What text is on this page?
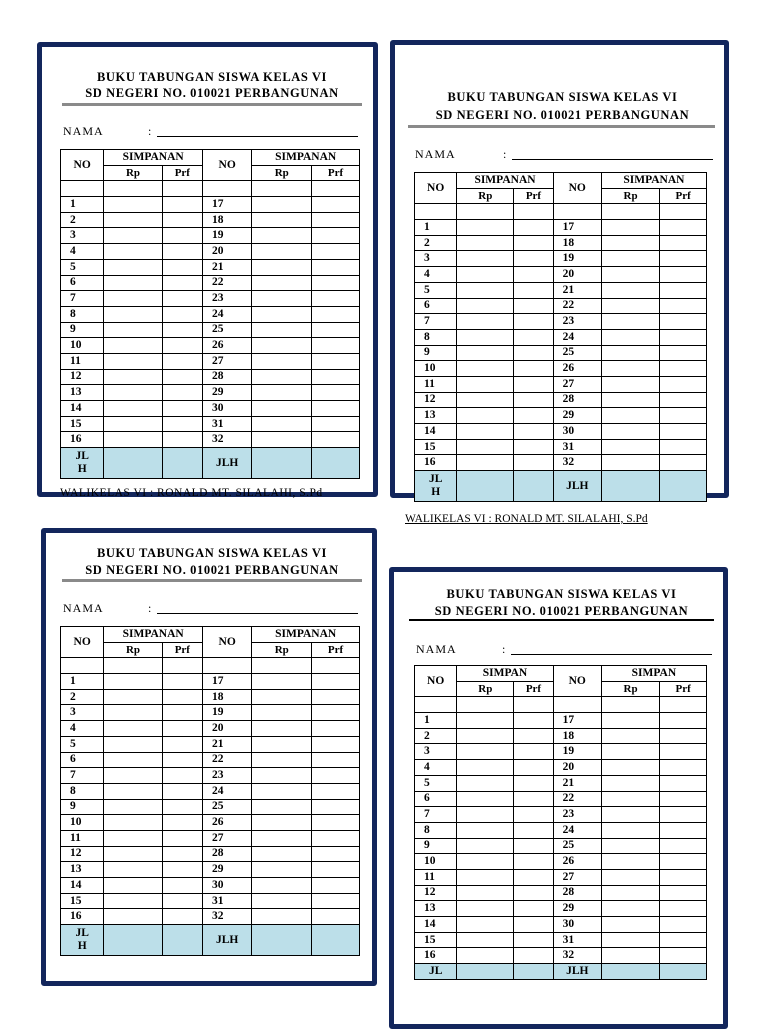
BUKU TABUNGAN SISWA KELAS VI
SD NEGERI NO. 010021 PERBANGUNAN
NAMA	:
NO	SIMPANAN		NO	SIMPANAN	
	Rp	Prf		Rp	Prf

1			17		
2			18		
3			19		
4			20		
5			21		
6			22		
7			23		
8			24		
9			25		
10			26		
11			27		
12			28		
13			29		
14			30		
15			31		
16			32		
JL H			JLH		
WALIKELAS VI : RONALD MT. SILALAHI, S.Pd
BUKU TABUNGAN SISWA KELAS VI
SD NEGERI NO. 010021 PERBANGUNAN
NAMA	:
NO	SIMPANAN		NO	SIMPANAN	
	Rp	Prf		Rp	Prf

1			17		
2			18		
3			19		
4			20		
5			21		
6			22		
7			23		
8			24		
9			25		
10			26		
11			27		
12			28		
13			29		
14			30		
15			31		
16			32		
JL H			JLH		
BUKU TABUNGAN SISWA KELAS VI
SD NEGERI NO. 010021 PERBANGUNAN
NAMA	:
NO	SIMPANAN		NO	SIMPANAN	
	Rp	Prf		Rp	Prf

1			17		
2			18		
3			19		
4			20		
5			21		
6			22		
7			23		
8			24		
9			25		
10			26		
11			27		
12			28		
13			29		
14			30		
15			31		
16			32		
JL H			JLH		
WALIKELAS VI : RONALD MT. SILALAHI, S.Pd
BUKU TABUNGAN SISWA KELAS VI
SD NEGERI NO. 010021 PERBANGUNAN
NAMA	:
NO	SIMPAN		NO	SIMPAN	
	Rp	Prf		Rp	Prf

1			17		
2			18		
3			19		
4			20		
5			21		
6			22		
7			23		
8			24		
9			25		
10			26		
11			27		
12			28		
13			29		
14			30		
15			31		
16			32		
JL			JLH		
